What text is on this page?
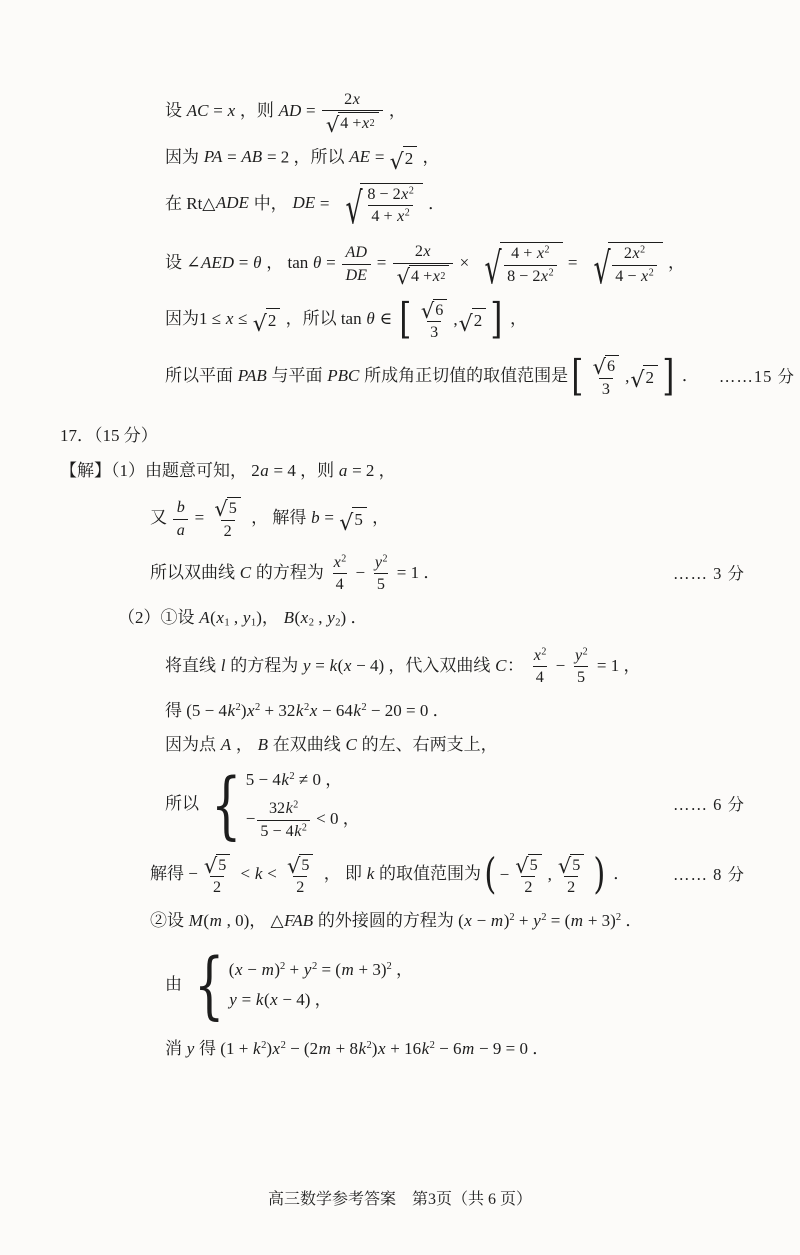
设 AC = x ，则 AD = $\frac{2x}{√ 4 + x 2}$ ，
因为 PA = AB = 2 ，所以 AE = √ 2 ，
在 Rt△ADE 中， DE = √ $\frac{8 - 2x^2}{4 + x^2}$ ．
设 ∠AED = θ ， $\tan \theta = \frac{AD}{DE} = \frac{2x}{√ 4 + x 2}$ × √ $\frac{4 + x^2}{8 - 2x^2}$ = √ $\frac{2x^2}{4 - x^2}$ ，
因为1 ≤ x ≤ √ 2 ，所以 tan θ ∈ [ $\frac{√ 6}{3}$ , √ 2 ] ，
所以平面 PAB 与平面 PBC 所成角正切值的取值范围是 [ $\frac{√ 6}{3}$ , √ 2 ] ．	……15 分
17．（15 分）
【解】（1）由题意可知， 2a = 4 ，则 a = 2 ，
又 $\frac{b}{a} = \frac{√ 5}{2}$ ， 解得 b = √ 5 ，
所以双曲线 C 的方程为 $\frac{x^2}{4} - \frac{y^2}{5} = 1$ ．	…… 3 分
（2）①设 $A(x_1$ , $y_1$)， $B(x_2$ , $y_2$) ．
将直线 l 的方程为 y = k(x − 4) ，代入双曲线 C： $\frac{x^2}{4} - \frac{y^2}{5} = 1$ ，
得 $(5 - 4k^2)x^2 + 32k^2x - 64k^2 - 20 = 0$ ．
因为点 A ， B 在双曲线 C 的左、右两支上，
所以 { $5 - 4k^2 \ne 0$ ，
− $\frac{32k^2}{5 - 4k^2} < 0$ ，
…… 6 分
解得 − $\frac{√ 5}{2} < k < \frac{√ 5}{2}$ ， 即 k 的取值范围为 ( − $\frac{√ 5}{2}$ , $\frac{√ 5}{2}$ ) ．	…… 8 分
②设 M(m , 0)， △FAB 的外接圆的方程为 $(x - m)^2 + y^2 = (m + 3)^2$ ．
由 { $(x - m)^2 + y^2 = (m + 3)^2$ ，
y = k(x − 4) ，
消 y 得 $(1 + k^2)x^2 - (2m + 8k^2)x + 16k^2 - 6m - 9 = 0$ ．
高三数学参考答案　第3页（共 6 页）
